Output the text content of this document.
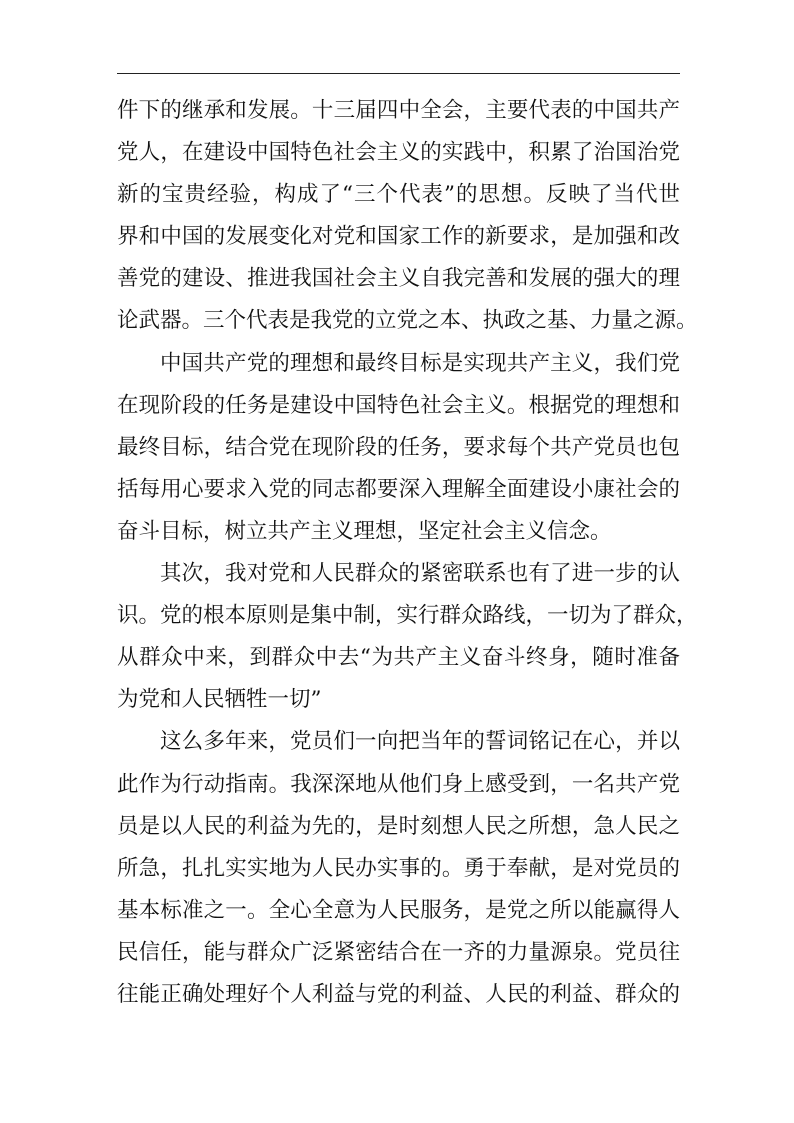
件下的继承和发展。十三届四中全会，主要代表的中国共产
党人，在建设中国特色社会主义的实践中，积累了治国治党
新的宝贵经验，构成了“三个代表”的思想。反映了当代世
界和中国的发展变化对党和国家工作的新要求，是加强和改
善党的建设、推进我国社会主义自我完善和发展的强大的理
论武器。三个代表是我党的立党之本、执政之基、力量之源。
中国共产党的理想和最终目标是实现共产主义，我们党
在现阶段的任务是建设中国特色社会主义。根据党的理想和
最终目标，结合党在现阶段的任务，要求每个共产党员也包
括每用心要求入党的同志都要深入理解全面建设小康社会的
奋斗目标，树立共产主义理想，坚定社会主义信念。
其次，我对党和人民群众的紧密联系也有了进一步的认
识。党的根本原则是集中制，实行群众路线，一切为了群众，
从群众中来，到群众中去“为共产主义奋斗终身，随时准备
为党和人民牺牲一切”
这么多年来，党员们一向把当年的誓词铭记在心，并以
此作为行动指南。我深深地从他们身上感受到，一名共产党
员是以人民的利益为先的，是时刻想人民之所想，急人民之
所急，扎扎实实地为人民办实事的。勇于奉献，是对党员的
基本标准之一。全心全意为人民服务，是党之所以能赢得人
民信任，能与群众广泛紧密结合在一齐的力量源泉。党员往
往能正确处理好个人利益与党的利益、人民的利益、群众的
